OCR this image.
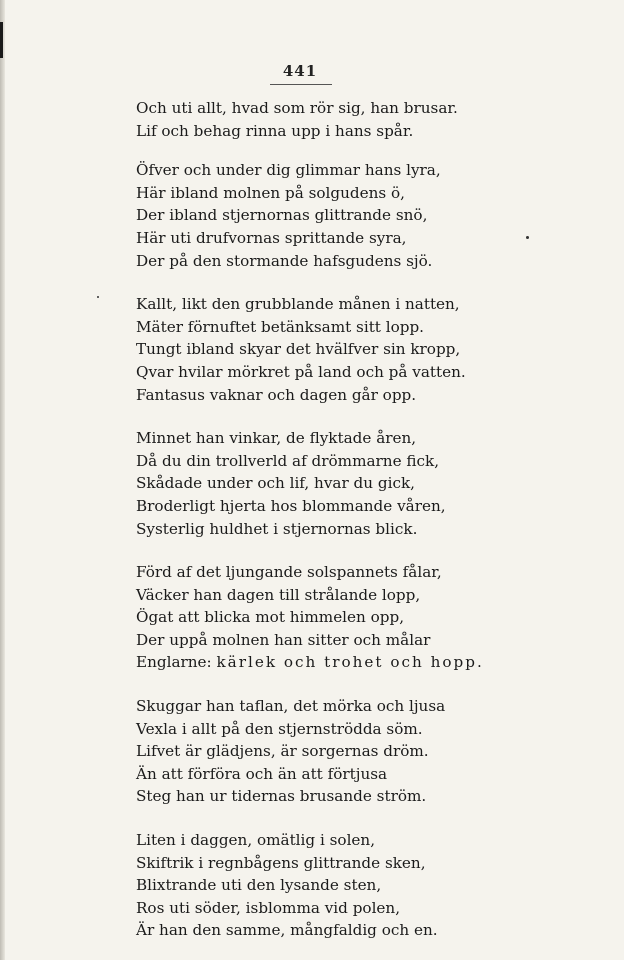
441
Och uti allt, hvad som rör sig, han brusar.
Lif och behag rinna upp i hans spår.
Öfver och under dig glimmar hans lyra,
Här ibland molnen på solgudens ö,
Der ibland stjernornas glittrande snö,
Här uti drufvornas sprittande syra,
Der på den stormande hafsgudens sjö.
Kallt, likt den grubblande månen i natten,
Mäter förnuftet betänksamt sitt lopp.
Tungt ibland skyar det hvälfver sin kropp,
Qvar hvilar mörkret på land och på vatten.
Fantasus vaknar och dagen går opp.
Minnet han vinkar, de flyktade åren,
Då du din trollverld af drömmarne fick,
Skådade under och lif, hvar du gick,
Broderligt hjerta hos blommande våren,
Systerlig huldhet i stjernornas blick.
Förd af det ljungande solspannets fålar,
Väcker han dagen till strålande lopp,
Ögat att blicka mot himmelen opp,
Der uppå molnen han sitter och målar
Englarne: kärlek och trohet och hopp.
Skuggar han taflan, det mörka och ljusa
Vexla i allt på den stjernströdda söm.
Lifvet är glädjens, är sorgernas dröm.
Än att förföra och än att förtjusa
Steg han ur tidernas brusande ström.
Liten i daggen, omätlig i solen,
Skiftrik i regnbågens glittrande sken,
Blixtrande uti den lysande sten,
Ros uti söder, isblomma vid polen,
Är han den samme, mångfaldig och en.
